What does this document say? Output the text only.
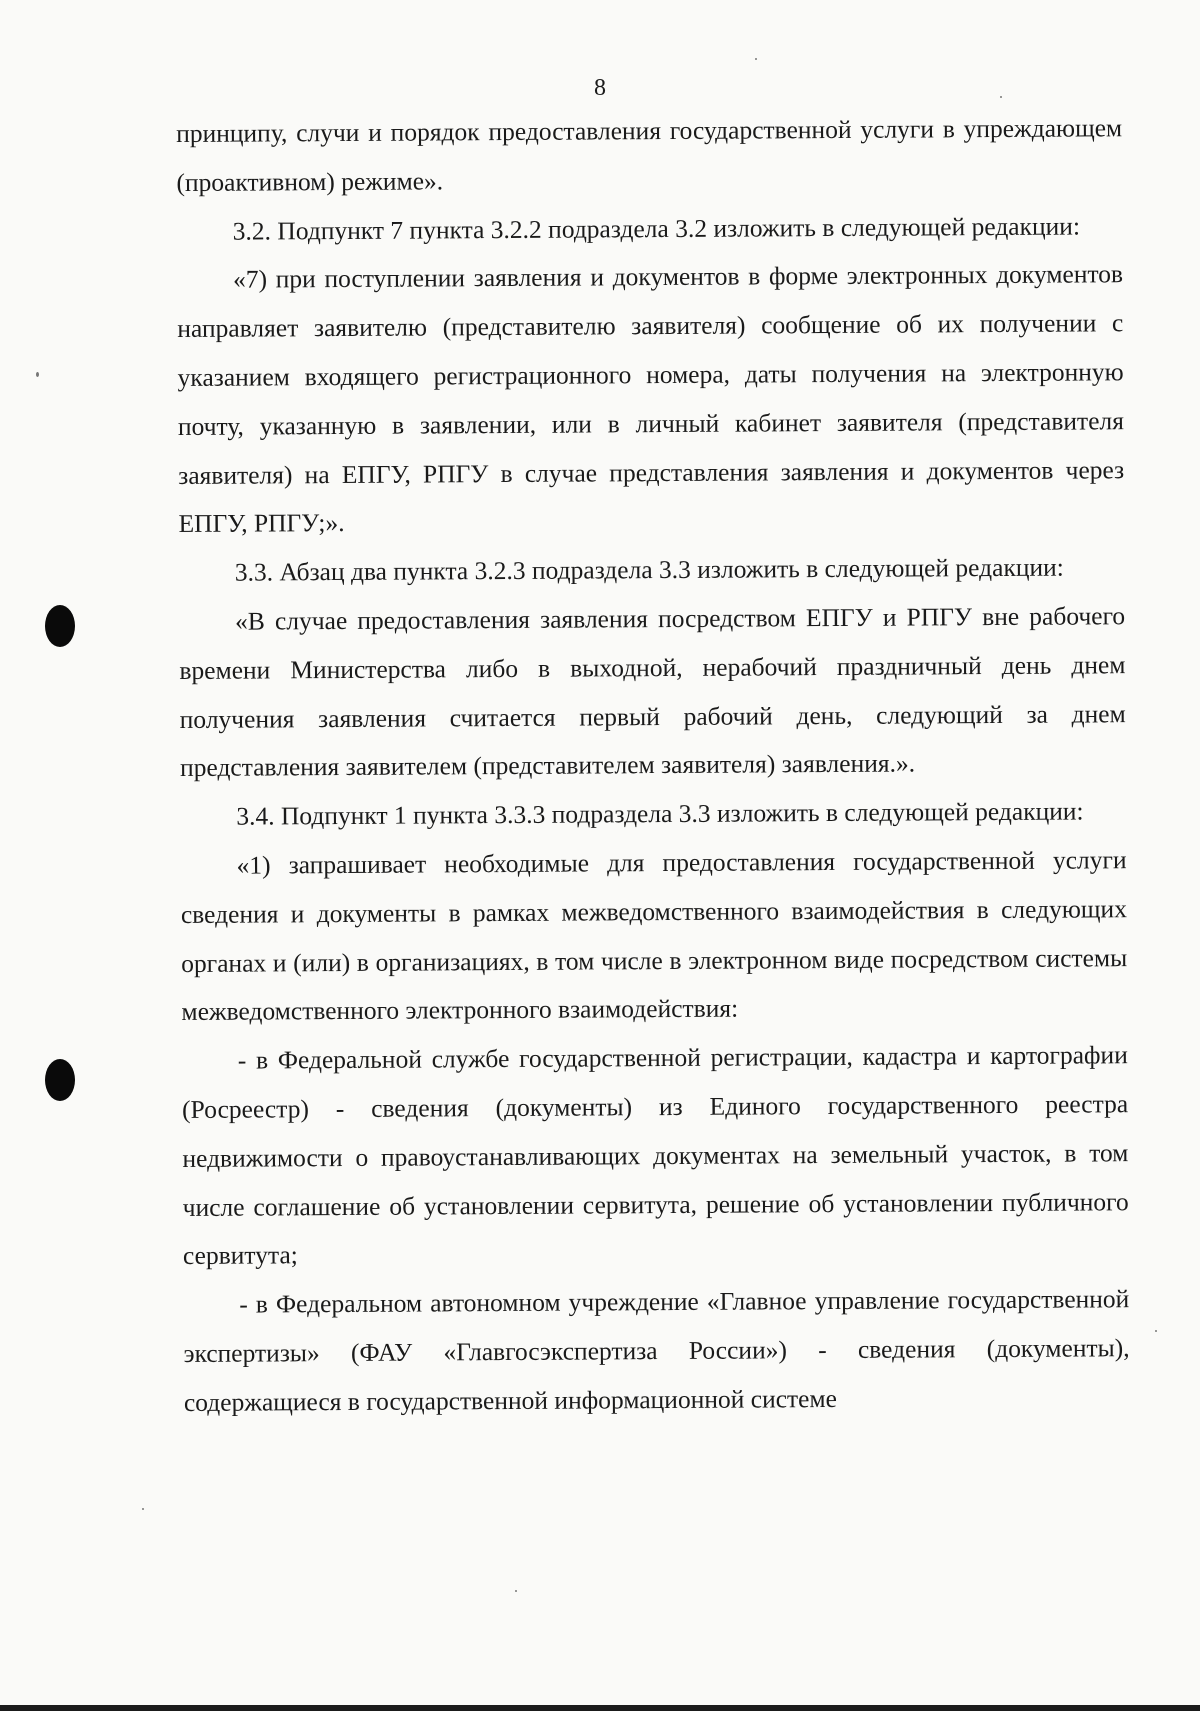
8

принципу, случи и порядок предоставления государственной услуги в упреждающем (проактивном) режиме».

3.2. Подпункт 7 пункта 3.2.2 подраздела 3.2 изложить в следующей редакции:

«7) при поступлении заявления и документов в форме электронных документов направляет заявителю (представителю заявителя) сообщение об их получении с указанием входящего регистрационного номера, даты получения на электронную почту, указанную в заявлении, или в личный кабинет заявителя (представителя заявителя) на ЕПГУ, РПГУ в случае представления заявления и документов через ЕПГУ, РПГУ;».

3.3. Абзац два пункта 3.2.3 подраздела 3.3 изложить в следующей редакции:

«В случае предоставления заявления посредством ЕПГУ и РПГУ вне рабочего времени Министерства либо в выходной, нерабочий праздничный день днем получения заявления считается первый рабочий день, следующий за днем представления заявителем (представителем заявителя) заявления.».

3.4. Подпункт 1 пункта 3.3.3 подраздела 3.3 изложить в следующей редакции:

«1) запрашивает необходимые для предоставления государственной услуги сведения и документы в рамках межведомственного взаимодействия в следующих органах и (или) в организациях, в том числе в электронном виде посредством системы межведомственного электронного взаимодействия:

- в Федеральной службе государственной регистрации, кадастра и картографии (Росреестр) - сведения (документы) из Единого государственного реестра недвижимости о правоустанавливающих документах на земельный участок, в том числе соглашение об установлении сервитута, решение об установлении публичного сервитута;

- в Федеральном автономном учреждение «Главное управление государственной экспертизы» (ФАУ «Главгосэкспертиза России») - сведения (документы), содержащиеся в государственной информационной системе
